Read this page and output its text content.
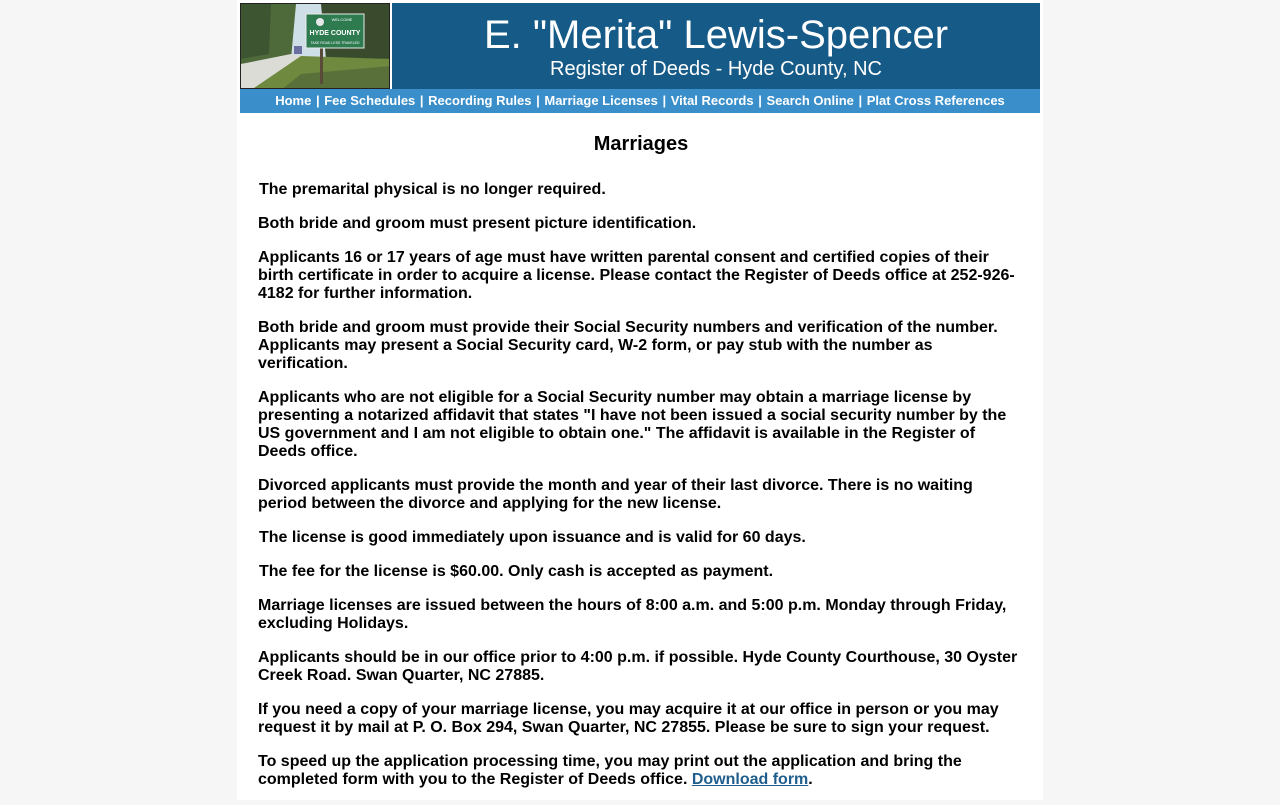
WELCOME
HYDE COUNTY
TAKE ROAD LESS TRAVELED	E. "Merita" Lewis-Spencer
Register of Deeds - Hyde County, NC
Home | Fee Schedules | Recording Rules | Marriage Licenses | Vital Records | Search Online | Plat Cross References
Marriages

The premarital physical is no longer required.

Both bride and groom must present picture identification.

Applicants 16 or 17 years of age must have written parental consent and certified copies of their birth certificate in order to acquire a license. Please contact the Register of Deeds office at 252-926-4182 for further information.

Both bride and groom must provide their Social Security numbers and verification of the number. Applicants may present a Social Security card, W-2 form, or pay stub with the number as verification.

Applicants who are not eligible for a Social Security number may obtain a marriage license by presenting a notarized affidavit that states "I have not been issued a social security number by the US government and I am not eligible to obtain one." The affidavit is available in the Register of Deeds office.

Divorced applicants must provide the month and year of their last divorce. There is no waiting period between the divorce and applying for the new license.

The license is good immediately upon issuance and is valid for 60 days.

The fee for the license is $60.00. Only cash is accepted as payment.

Marriage licenses are issued between the hours of 8:00 a.m. and 5:00 p.m. Monday through Friday, excluding Holidays.

Applicants should be in our office prior to 4:00 p.m. if possible. Hyde County Courthouse, 30 Oyster Creek Road. Swan Quarter, NC 27885.

If you need a copy of your marriage license, you may acquire it at our office in person or you may request it by mail at P. O. Box 294, Swan Quarter, NC 27855. Please be sure to sign your request.

To speed up the application processing time, you may print out the application and bring the completed form with you to the Register of Deeds office. Download form.
